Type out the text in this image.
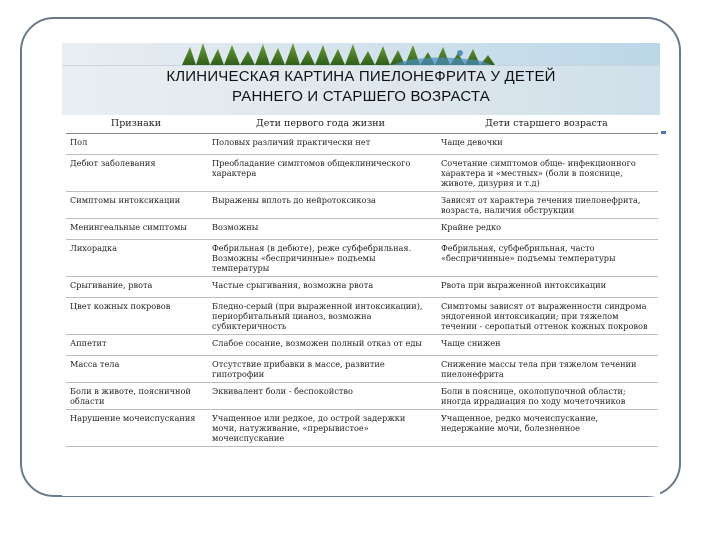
КЛИНИЧЕСКАЯ КАРТИНА ПИЕЛОНЕФРИТА У ДЕТЕЙ
РАННЕГО И СТАРШЕГО ВОЗРАСТА
Признаки	Дети первого года жизни	Дети старшего возраста
Пол	Половых различий практически нет	Чаще девочки
Дебют заболевания	Преобладание симптомов общеклинического характера	Сочетание симптомов обще- инфекционного характера и «местных» (боли в пояснице, животе, дизурия и т.д)
Симптомы интоксикации	Выражены вплоть до нейротоксикоза	Зависят от характера течения пиелонефрита, возраста, наличия обструкции
Менингеальные симптомы	Возможны	Крайне редко
Лихорадка	Фебрильная (в дебюте), реже субфебрильная. Возможны «беспричинные» подъемы температуры	Фебрильная, субфебрильная, часто «беспричинные» подъемы температуры
Срыгивание, рвота	Частые срыгивания, возможна рвота	Рвота при выраженной интоксикации
Цвет кожных покровов	Бледно-серый (при выраженной интоксикации), периорбитальный цианоз, возможна субиктеричность	Симптомы зависят от выраженности синдрома эндогенной интоксикации; при тяжелом течении - серопатый оттенок кожных покровов
Аппетит	Слабое сосание, возможен полный отказ от еды	Чаще снижен
Масса тела	Отсутствие прибавки в массе, развитие гипотрофии	Снижение массы тела при тяжелом течении пиелонефрита
Боли в животе, поясничной области	Эквивалент боли - беспокойство	Боли в пояснице, околопупочной области; иногда иррадиация по ходу мочеточников
Нарушение мочеиспускания	Учащенное или редкое, до острой задержки мочи, натуживание, «прерывистое» мочеиспускание	Учащенное, редко мочеиспускание, недержание мочи, болезненное
